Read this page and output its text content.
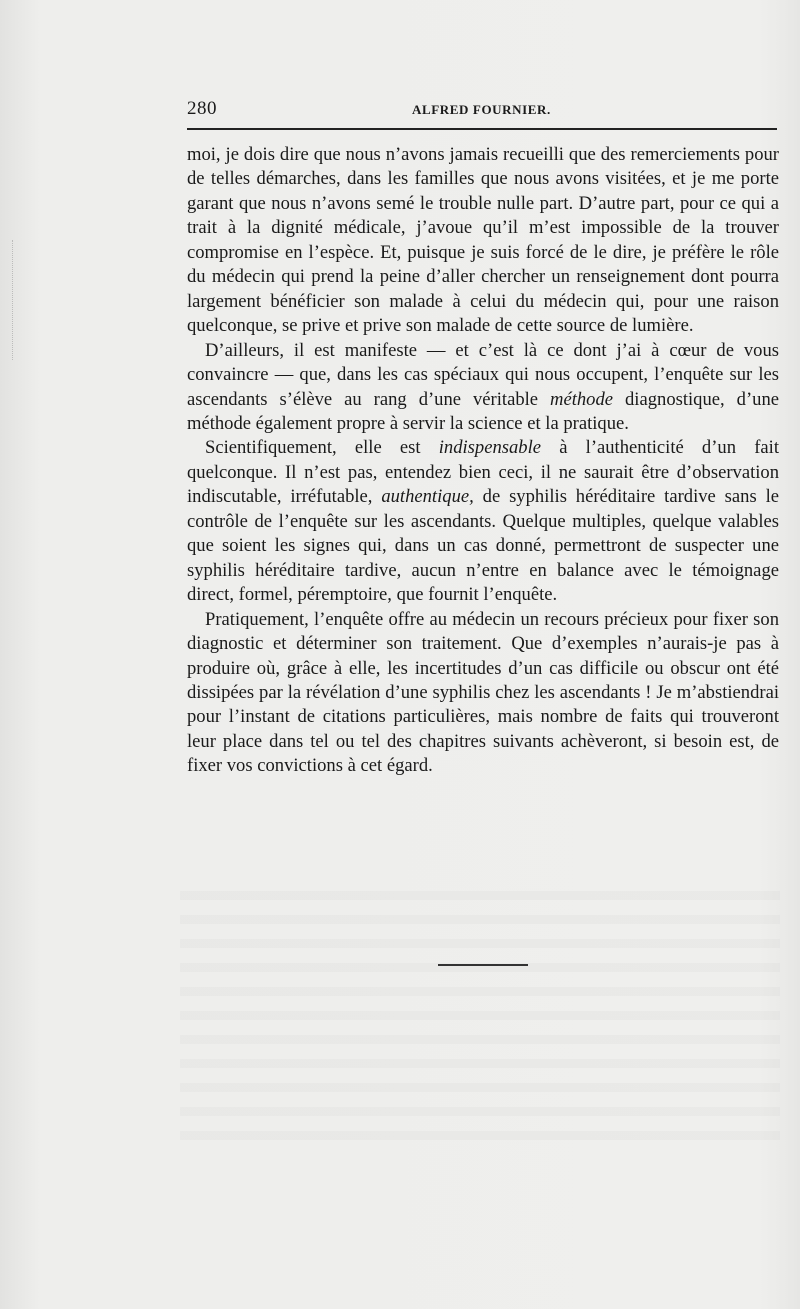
280	ALFRED FOURNIER.

moi, je dois dire que nous n’avons jamais recueilli que des remerciements pour de telles démarches, dans les familles que nous avons visitées, et je me porte garant que nous n’avons semé le trouble nulle part. D’autre part, pour ce qui a trait à la dignité médicale, j’avoue qu’il m’est impossible de la trouver compromise en l’espèce. Et, puisque je suis forcé de le dire, je préfère le rôle du médecin qui prend la peine d’aller chercher un renseignement dont pourra largement bénéficier son malade à celui du médecin qui, pour une raison quelconque, se prive et prive son malade de cette source de lumière.

D’ailleurs, il est manifeste — et c’est là ce dont j’ai à cœur de vous convaincre — que, dans les cas spéciaux qui nous occupent, l’enquête sur les ascendants s’élève au rang d’une véritable méthode diagnostique, d’une méthode également propre à servir la science et la pratique.

Scientifiquement, elle est indispensable à l’authenticité d’un fait quelconque. Il n’est pas, entendez bien ceci, il ne saurait être d’observation indiscutable, irréfutable, authentique, de syphilis héréditaire tardive sans le contrôle de l’enquête sur les ascendants. Quelque multiples, quelque valables que soient les signes qui, dans un cas donné, permettront de suspecter une syphilis héréditaire tardive, aucun n’entre en balance avec le témoignage direct, formel, péremptoire, que fournit l’enquête.

Pratiquement, l’enquête offre au médecin un recours précieux pour fixer son diagnostic et déterminer son traitement. Que d’exemples n’aurais-je pas à produire où, grâce à elle, les incertitudes d’un cas difficile ou obscur ont été dissipées par la révélation d’une syphilis chez les ascendants ! Je m’abstiendrai pour l’instant de citations particulières, mais nombre de faits qui trouveront leur place dans tel ou tel des chapitres suivants achèveront, si besoin est, de fixer vos convictions à cet égard.
